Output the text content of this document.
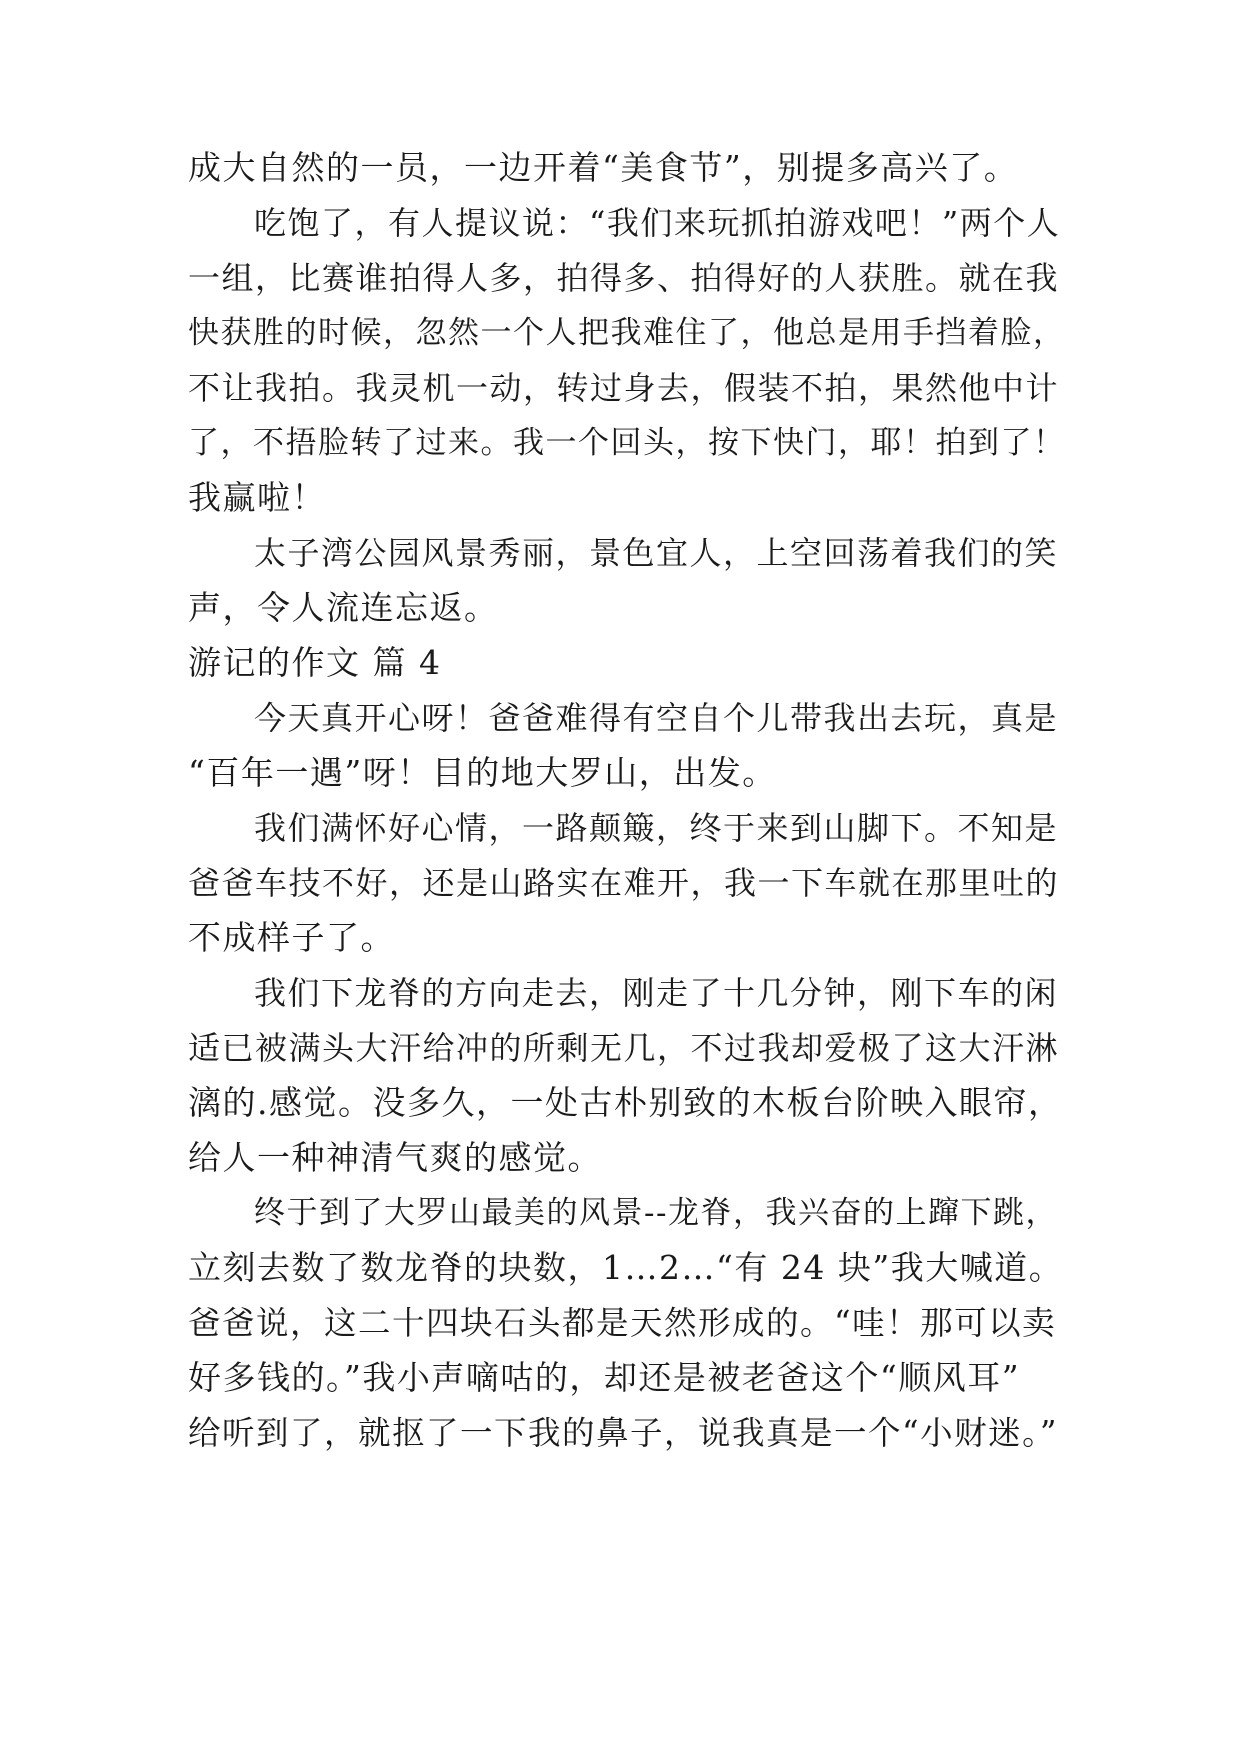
成大自然的一员，一边开着“美食节”，别提多高兴了。
吃饱了，有人提议说：“我们来玩抓拍游戏吧！”两个人
一组，比赛谁拍得人多，拍得多、拍得好的人获胜。就在我
快获胜的时候，忽然一个人把我难住了，他总是用手挡着脸，
不让我拍。我灵机一动，转过身去，假装不拍，果然他中计
了，不捂脸转了过来。我一个回头，按下快门，耶！拍到了！
我赢啦！
太子湾公园风景秀丽，景色宜人，上空回荡着我们的笑
声，令人流连忘返。
游记的作文 篇 4
今天真开心呀！爸爸难得有空自个儿带我出去玩，真是
“百年一遇”呀！目的地大罗山，出发。
我们满怀好心情，一路颠簸，终于来到山脚下。不知是
爸爸车技不好，还是山路实在难开，我一下车就在那里吐的
不成样子了。
我们下龙脊的方向走去，刚走了十几分钟，刚下车的闲
适已被满头大汗给冲的所剩无几，不过我却爱极了这大汗淋
漓的.感觉。没多久，一处古朴别致的木板台阶映入眼帘，
给人一种神清气爽的感觉。
终于到了大罗山最美的风景--龙脊，我兴奋的上蹿下跳，
立刻去数了数龙脊的块数，1…2…“有 24 块”我大喊道。
爸爸说，这二十四块石头都是天然形成的。“哇！那可以卖
好多钱的。”我小声嘀咕的，却还是被老爸这个“顺风耳”
给听到了，就抠了一下我的鼻子，说我真是一个“小财迷。”
